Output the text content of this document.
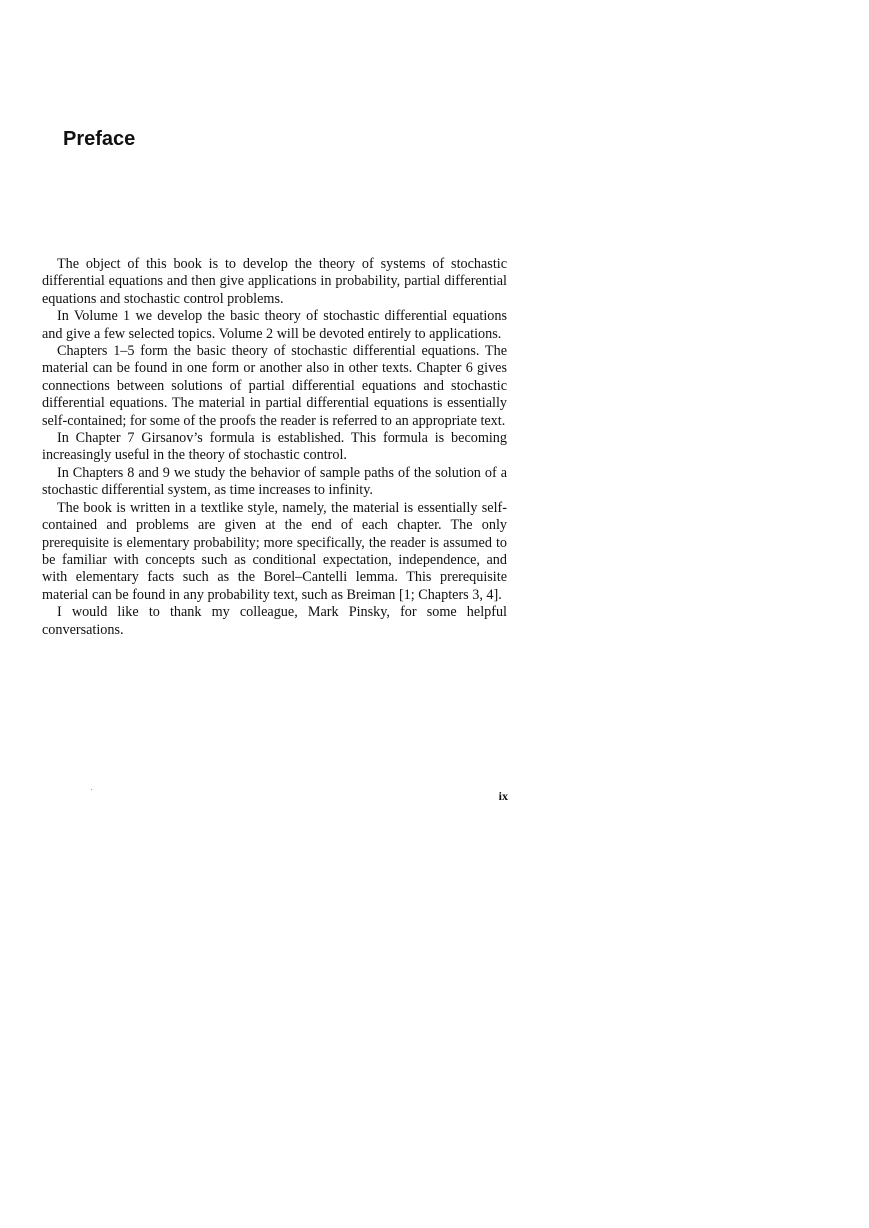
Preface

The object of this book is to develop the theory of systems of stochastic differential equations and then give applications in probability, partial differential equations and stochastic control problems.

In Volume 1 we develop the basic theory of stochastic differential equations and give a few selected topics. Volume 2 will be devoted entirely to applications.

Chapters 1–5 form the basic theory of stochastic differential equations. The material can be found in one form or another also in other texts. Chapter 6 gives connections between solutions of partial differential equations and stochastic differential equations. The material in partial differential equations is essentially self-contained; for some of the proofs the reader is referred to an appropriate text.

In Chapter 7 Girsanov’s formula is established. This formula is becoming increasingly useful in the theory of stochastic control.

In Chapters 8 and 9 we study the behavior of sample paths of the solution of a stochastic differential system, as time increases to infinity.

The book is written in a textlike style, namely, the material is essentially self-contained and problems are given at the end of each chapter. The only prerequisite is elementary probability; more specifically, the reader is assumed to be familiar with concepts such as conditional expectation, independence, and with elementary facts such as the Borel–Cantelli lemma. This prerequisite material can be found in any probability text, such as Breiman [1; Chapters 3, 4].

I would like to thank my colleague, Mark Pinsky, for some helpful conversations.

ix
